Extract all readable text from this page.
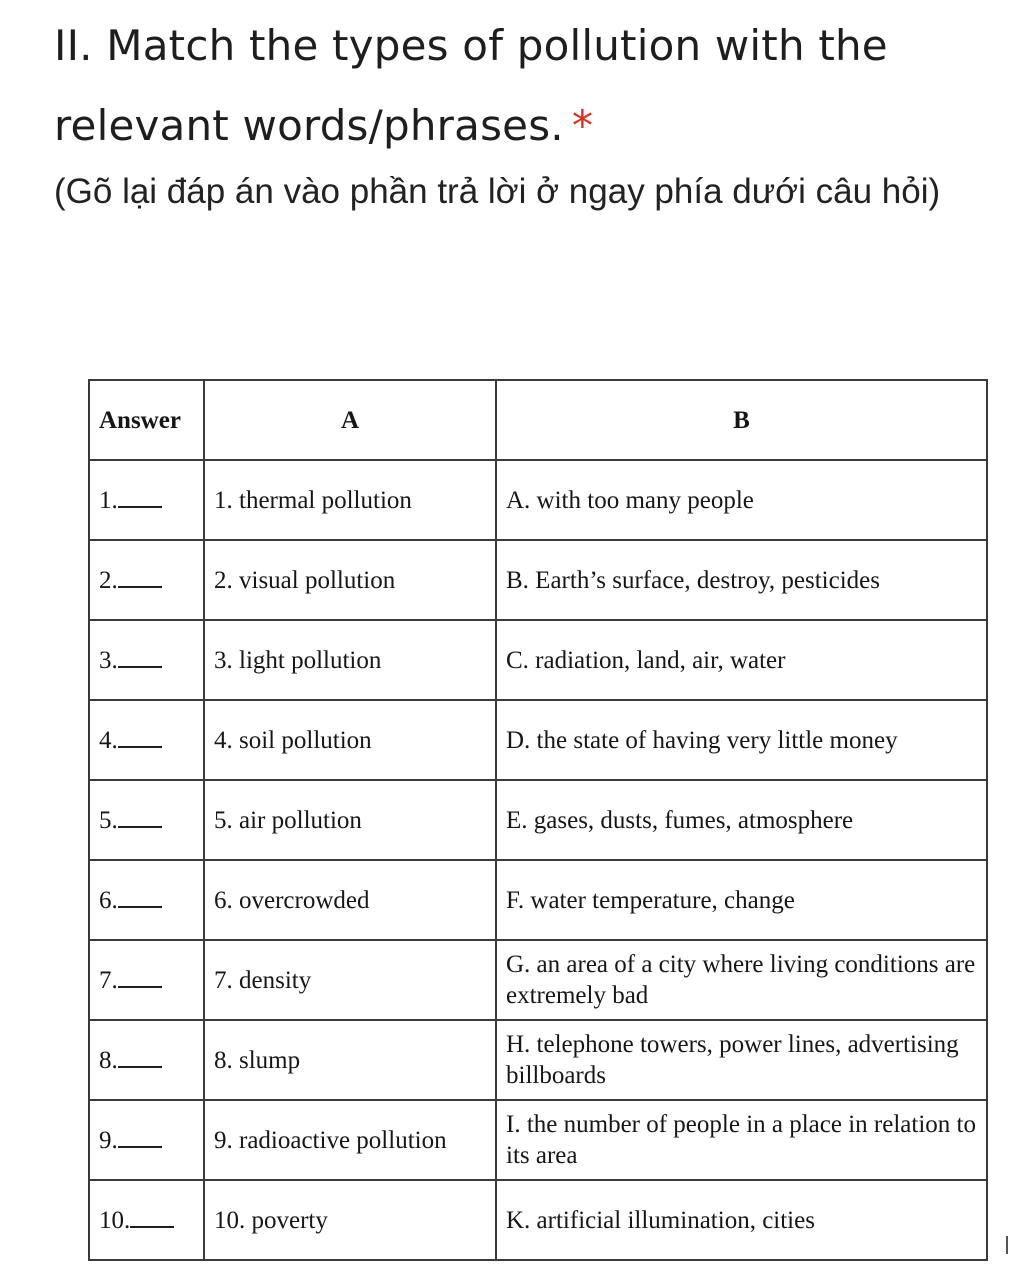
II. Match the types of pollution with the relevant words/phrases. *
(Gõ lại đáp án vào phần trả lời ở ngay phía dưới câu hỏi)
Answer	A	B
1.	1. thermal pollution	A. with too many people
2.	2. visual pollution	B. Earth’s surface, destroy, pesticides
3.	3. light pollution	C. radiation, land, air, water
4.	4. soil pollution	D. the state of having very little money
5.	5. air pollution	E. gases, dusts, fumes, atmosphere
6.	6. overcrowded	F. water temperature, change
7.	7. density	G. an area of a city where living conditions are extremely bad
8.	8. slump	H. telephone towers, power lines, advertising billboards
9.	9. radioactive pollution	I. the number of people in a place in relation to its area
10.	10. poverty	K. artificial illumination, cities
